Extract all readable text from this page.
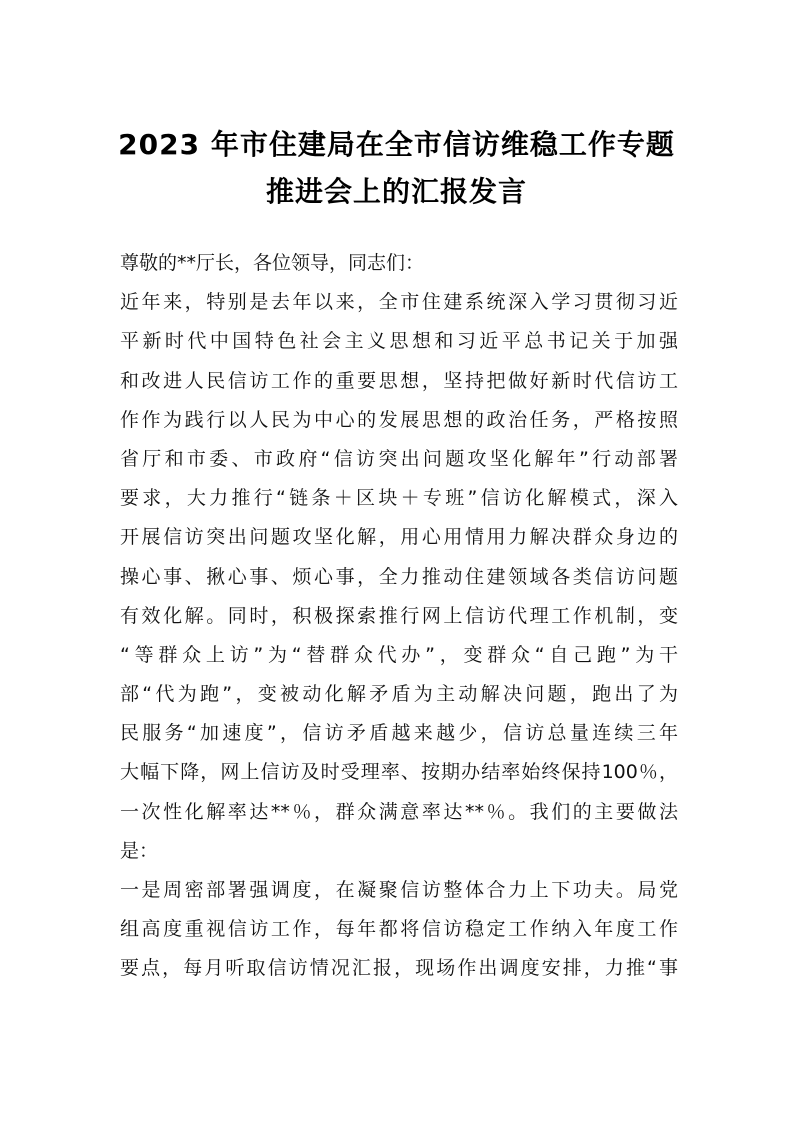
2023 年市住建局在全市信访维稳工作专题
推进会上的汇报发言
尊敬的**厅长，各位领导，同志们：
近年来，特别是去年以来，全市住建系统深入学习贯彻习近
平新时代中国特色社会主义思想和习近平总书记关于加强
和改进人民信访工作的重要思想，坚持把做好新时代信访工
作作为践行以人民为中心的发展思想的政治任务，严格按照
省厅和市委、市政府“信访突出问题攻坚化解年”行动部署
要求，大力推行“链条＋区块＋专班”信访化解模式，深入
开展信访突出问题攻坚化解，用心用情用力解决群众身边的
操心事、揪心事、烦心事，全力推动住建领域各类信访问题
有效化解。同时，积极探索推行网上信访代理工作机制，变
“等群众上访”为“替群众代办”，变群众“自己跑”为干
部“代为跑”，变被动化解矛盾为主动解决问题，跑出了为
民服务“加速度”，信访矛盾越来越少，信访总量连续三年
大幅下降，网上信访及时受理率、按期办结率始终保持100％，
一次性化解率达**％，群众满意率达**％。我们的主要做法
是：
一是周密部署强调度，在凝聚信访整体合力上下功夫。局党
组高度重视信访工作，每年都将信访稳定工作纳入年度工作
要点，每月听取信访情况汇报，现场作出调度安排，力推“事
